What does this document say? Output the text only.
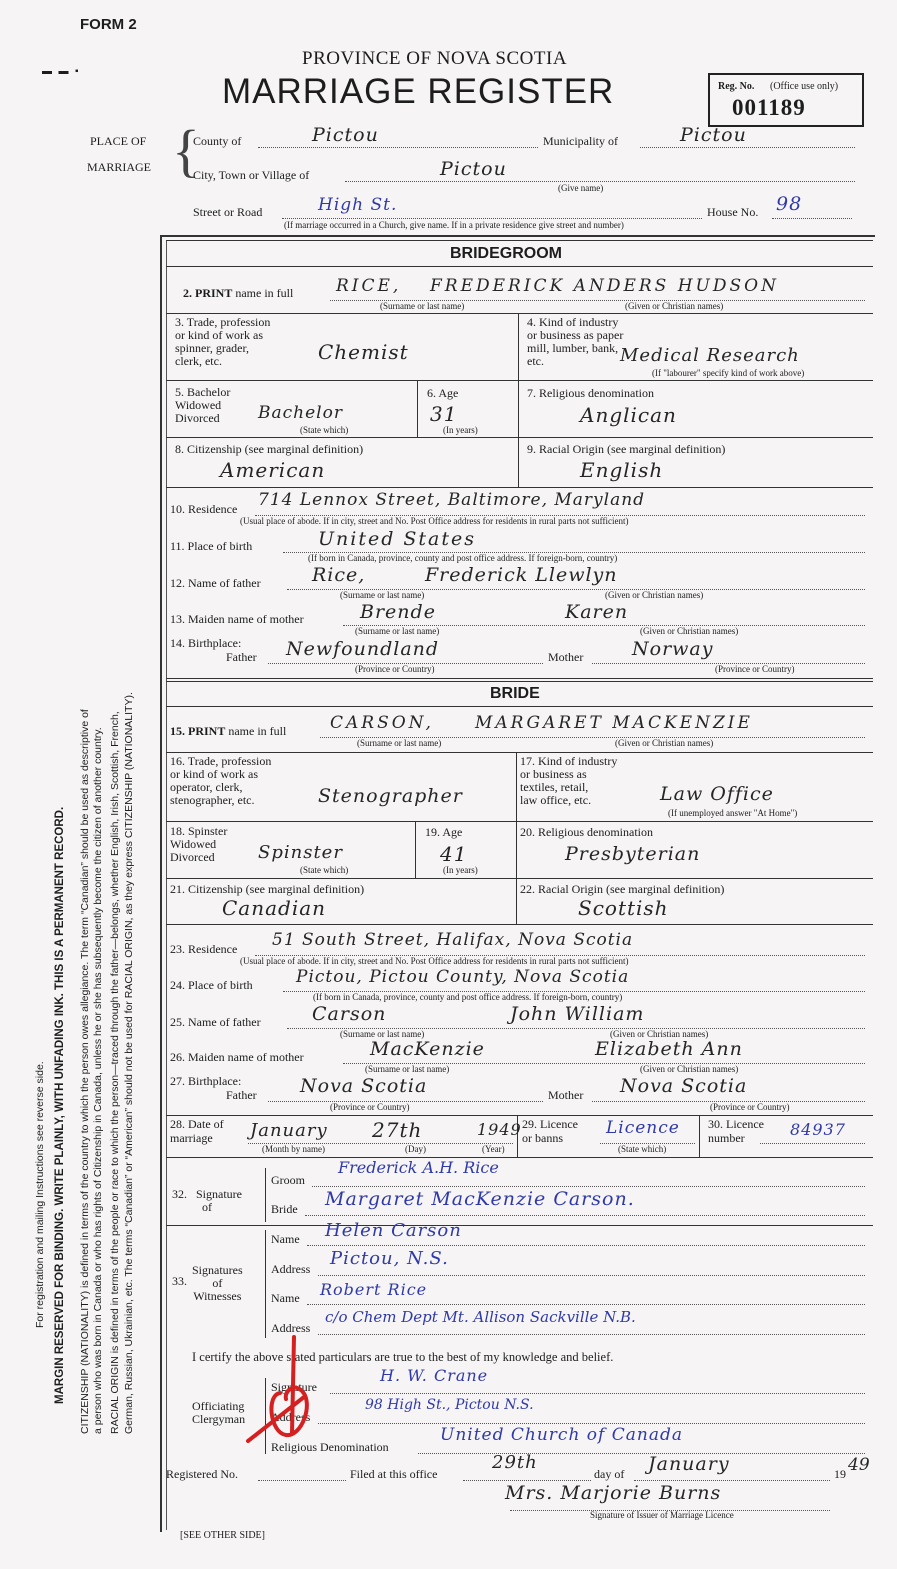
FORM 2
▬ ▬ ▪
PROVINCE OF NOVA SCOTIA
MARRIAGE REGISTER	Reg. No. (Office use only)
001189
For registration and mailing Instructions see reverse side. MARGIN RESERVED FOR BINDING. WRITE PLAINLY, WITH UNFADING INK. THIS IS A PERMANENT RECORD. CITIZENSHIP (NATIONALITY) is defined in terms of the country to which the person owes allegiance. The term “Canadian” should be used as descriptive of a person who was born in Canada or who has rights of Citizenship in Canada, unless he or she has subsequently become the citizen of another country. RACIAL ORIGIN is defined in terms of the people or race to which the person—traced through the father—belongs, whether English, Irish, Scottish, French, German, Russian, Ukrainian, etc. The terms “Canadian” or “American” should not be used for RACIAL ORIGIN, as they express CITIZENSHIP (NATIONALITY).
PLACE OF
MARRIAGE {
County of	Pictou	Municipality of	Pictou
City, Town or Village of	Pictou
(Give name)
Street or Road	High St.	House No. 98
(If marriage occurred in a Church, give name. If in a private residence give street and number)
BRIDEGROOM
2. PRINT name in full	RICE, FREDERICK ANDERS HUDSON
(Surname or last name)	(Given or Christian names)
3. Trade, profession
or kind of work as
spinner, grader,
clerk, etc.	Chemist
4. Kind of industry
or business as paper
mill, lumber, bank,
etc.	Medical Research
(If "labourer" specify kind of work above)
5. Bachelor
Widowed
Divorced	Bachelor
(State which)
6. Age
31
(In years)
7. Religious denomination
Anglican
8. Citizenship (see marginal definition)
American
9. Racial Origin (see marginal definition)
English
10. Residence 714 Lennox Street, Baltimore, Maryland
(Usual place of abode. If in city, street and No. Post Office address for residents in rural parts not sufficient)
11. Place of birth	United States
(If born in Canada, province, county and post office address. If foreign-born, country)
12. Name of father	Rice,	Frederick Llewlyn
(Surname or last name)	(Given or Christian names)
13. Maiden name of mother	Brende	Karen
(Surname or last name)	(Given or Christian names)
14. Birthplace:
Father Newfoundland	Mother	Norway
(Province or Country)	(Province or Country)
BRIDE
15. PRINT name in full	CARSON, MARGARET MACKENZIE
(Surname or last name)	(Given or Christian names)
16. Trade, profession
or kind of work as
operator, clerk,
stenographer, etc.	Stenographer
17. Kind of industry
or business as
textiles, retail,
law office, etc.	Law Office
(If unemployed answer "At Home")
18. Spinster
Widowed
Divorced	Spinster
(State which)
19. Age
41
(In years)
20. Religious denomination
Presbyterian
21. Citizenship (see marginal definition)
Canadian
22. Racial Origin (see marginal definition)
Scottish
23. Residence 51 South Street, Halifax, Nova Scotia
(Usual place of abode. If in city, street and No. Post Office address for residents in rural parts not sufficient)
24. Place of birth	Pictou, Pictou County, Nova Scotia
(If born in Canada, province, county and post office address. If foreign-born, country)
25. Name of father	Carson	John William
(Surname or last name)	(Given or Christian names)
26. Maiden name of mother	MacKenzie	Elizabeth Ann
(Surname or last name)	(Given or Christian names)
27. Birthplace:
Father Nova Scotia	Mother Nova Scotia
(Province or Country)	(Province or Country)
28. Date of
marriage	January 27th	1949
(Month by name)	(Day)	(Year)
29. Licence
or banns	Licence
(State which)
30. Licence
number	84937
32.   Signature
of
Groom
Frederick A.H. Rice
Bride Margaret MacKenzie Carson.
33.
Signatures
of
Witnesses
Name Helen Carson
Address Pictou, N.S.
Name Robert Rice
Address
c/o Chem Dept Mt. Allison Sackville N.B.
I certify the above stated particulars are true to the best of my knowledge and belief.
Officiating
Clergyman
Signature
H. W. Crane
Address
98 High St., Pictou N.S.
Religious Denomination
United Church of Canada
Registered No.	Filed at this office
29th
day of January	19 49
Mrs. Marjorie Burns
Signature of Issuer of Marriage Licence
[SEE OTHER SIDE]
